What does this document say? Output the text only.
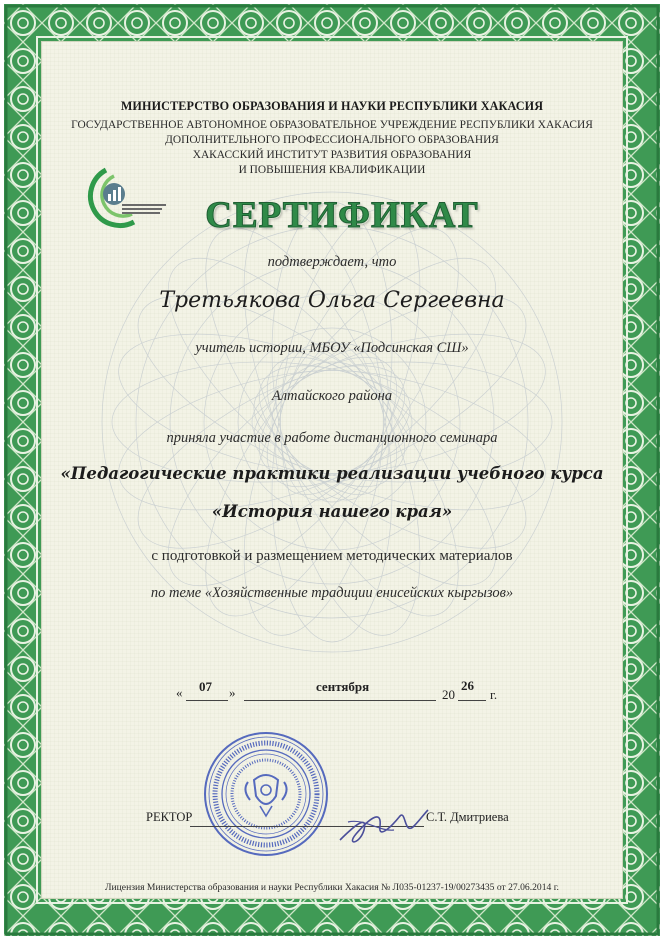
МИНИСТЕРСТВО ОБРАЗОВАНИЯ И НАУКИ РЕСПУБЛИКИ ХАКАСИЯ
ГОСУДАРСТВЕННОЕ АВТОНОМНОЕ ОБРАЗОВАТЕЛЬНОЕ УЧРЕЖДЕНИЕ РЕСПУБЛИКИ ХАКАСИЯ
ДОПОЛНИТЕЛЬНОГО ПРОФЕССИОНАЛЬНОГО ОБРАЗОВАНИЯ
ХАКАССКИЙ ИНСТИТУТ РАЗВИТИЯ ОБРАЗОВАНИЯ
И ПОВЫШЕНИЯ КВАЛИФИКАЦИИ
СЕРТИФИКАТ
подтверждает, что
Третьякова Ольга Сергеевна
учитель истории, МБОУ «Подсинская СШ»
Алтайского района
приняла участие в работе дистанционного семинара
«Педагогические практики реализации учебного курса
«История нашего края»
с подготовкой и размещением методических материалов
по теме «Хозяйственные традиции енисейских кыргызов»
« 07 »	сентября
20
26
г.
РЕКТОР	С.Т. Дмитриева
Лицензия Министерства образования и науки Республики Хакасия № Л035-01237-19/00273435 от 27.06.2014 г.
